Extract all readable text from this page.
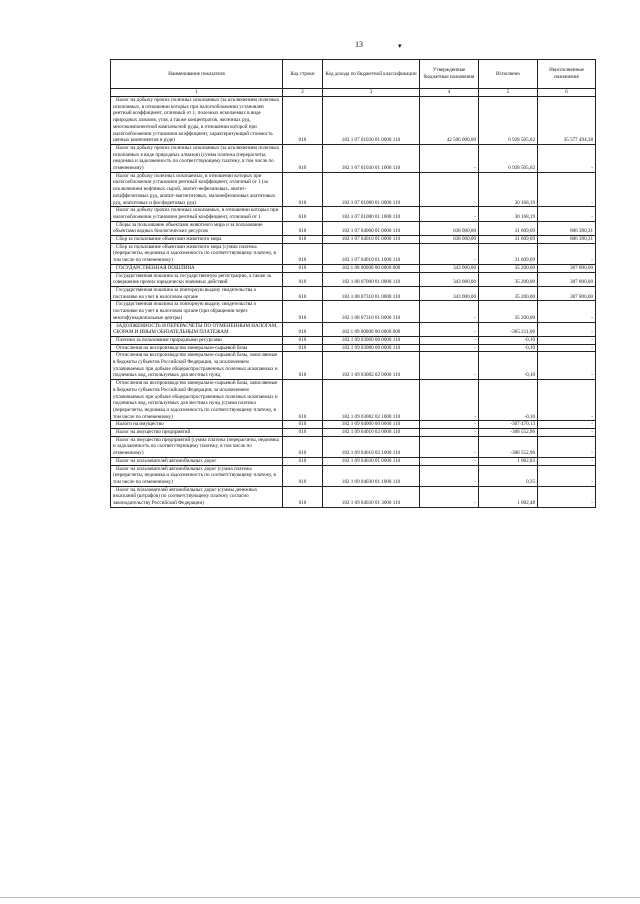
13	▾
Наименование показателя	Код строки	Код дохода по бюджетной классификации	Утвержденные бюджетные назначения	Исполнено	Неисполненные назначения
1	2	3	4	5	6
Налог на добычу прочих полезных ископаемых (за исключением полезных ископаемых, в отношении которых при налогообложении установлен рентный коэффициент, отличный от 1, полезных ископаемых в виде природных алмазов, угля, а также концентратов, железных руд, многокомпонентной комплексной руды, в отношении которой при налогообложении установлен коэффициент, характеризующий стоимость ценных компонентов в руде)	010	182 1 07 01030 01 0000 110	42 506 000,00	6 928 505,62	35 577 494,38
Налог на добычу прочих полезных ископаемых (за исключением полезных ископаемых в виде природных алмазов) (сумма платежа (перерасчеты, недоимка и задолженность по соответствующему платежу, в том числе по отмененному)	010	182 1 07 01030 01 1000 110	-	6 928 505,62	-
Налог на добычу полезных ископаемых, в отношении которых при налогообложении установлен рентный коэффициент, отличный от 1 (за исключением нефтяных сырой, апатит-нефелиновых, апатит-штаффелитовых руд, апатит-магнетитовых, малонефелиновых апатитовых руд, апатитовых и фосфоритовых руд)	010	182 1 07 01080 01 0000 110	-	30 168,19	-
Налог на добычу прочих полезных ископаемых, в отношении которых при налогообложении установлен рентный коэффициент, отличный от 1	010	182 1 07 01080 01 1000 110	-	30 168,19	-
Сборы за пользование объектами животного мира и за пользование объектами водных биологических ресурсов	010	182 1 07 04000 01 0000 110	838 000,00	31 609,69	806 390,31
Сбор за пользование объектами животного мира	010	182 1 07 04010 01 0000 110	838 000,00	31 609,69	806 390,31
Сбор за пользование объектами животного мира (сумма платежа (перерасчеты, недоимка и задолженность по соответствующему платежу, в том числе по отмененному)	010	182 1 07 04010 01 1000 110	-	31 609,69	-
ГОСУДАРСТВЕННАЯ ПОШЛИНА	010	182 1 08 00000 00 0000 000	343 000,00	35 200,00	307 800,00
Государственная пошлина за государственную регистрацию, а также за совершение прочих юридически значимых действий	010	182 1 08 07000 01 0000 110	343 000,00	35 200,00	307 800,00
Государственная пошлина за повторную выдачу свидетельства о постановке на учет в налоговом органе	010	182 1 08 07310 01 0000 110	343 000,00	35 200,00	307 800,00
Государственная пошлина за повторную выдачу свидетельства о постановке на учет в налоговом органе (при обращении через многофункциональные центры)	010	182 1 08 07310 01 8000 110	-	35 200,00	-
ЗАДОЛЖЕННОСТЬ И ПЕРЕРАСЧЕТЫ ПО ОТМЕНЕННЫМ НАЛОГАМ, СБОРАМ И ИНЫМ ОБЯЗАТЕЛЬНЫМ ПЛАТЕЖАМ	010	182 1 09 00000 00 0000 000	-	-365 211,06	-
Платежи за пользование природными ресурсами	010	182 1 09 03000 00 0000 110	-	-0,10	-
Отчисления на воспроизводство минерально-сырьевой базы	010	182 1 09 03080 00 0000 110	-	-0,10	-
Отчисления на воспроизводство минерально-сырьевой базы, зачисляемые в бюджеты субъектов Российской Федерации, за исключением уплачиваемых при добыче общераспространенных полезных ископаемых и подземных вод, используемых для местных нужд	010	182 1 09 03082 02 0000 110	-	-0,10	-
Отчисления на воспроизводство минерально-сырьевой базы, зачисляемые в бюджеты субъектов Российской Федерации, за исключением уплачиваемых при добыче общераспространенных полезных ископаемых и подземных вод, используемых для местных нужд (сумма платежа (перерасчеты, недоимка и задолженность по соответствующему платежу, в том числе по отмененному)	010	182 1 09 03082 02 1000 110	-	-0,10	-
Налоги на имущество	010	182 1 09 04000 00 0000 110	-	-307 470,13	-
Налог на имущество предприятий	010	182 1 09 04010 02 0000 110	-	-308 552,96	-
Налог на имущество предприятий (сумма платежа (перерасчеты, недоимка и задолженность по соответствующему платежу, в том числе по отмененному)	010	182 1 09 04010 02 1000 110	-	-308 552,96	-
Налог на пользователей автомобильных дорог	010	182 1 09 04030 01 0000 110	-	1 082,83	-
Налог на пользователей автомобильных дорог (сумма платежа (перерасчеты, недоимка и задолженность по соответствующему платежу, в том числе по отмененному)	010	182 1 09 04030 01 1000 110	-	0,35	-
Налог на пользователей автомобильных дорог (суммы денежных взысканий (штрафов) по соответствующему платежу согласно законодательству Российской Федерации)	010	182 1 09 04030 01 3000 110	-	1 082,48	-
